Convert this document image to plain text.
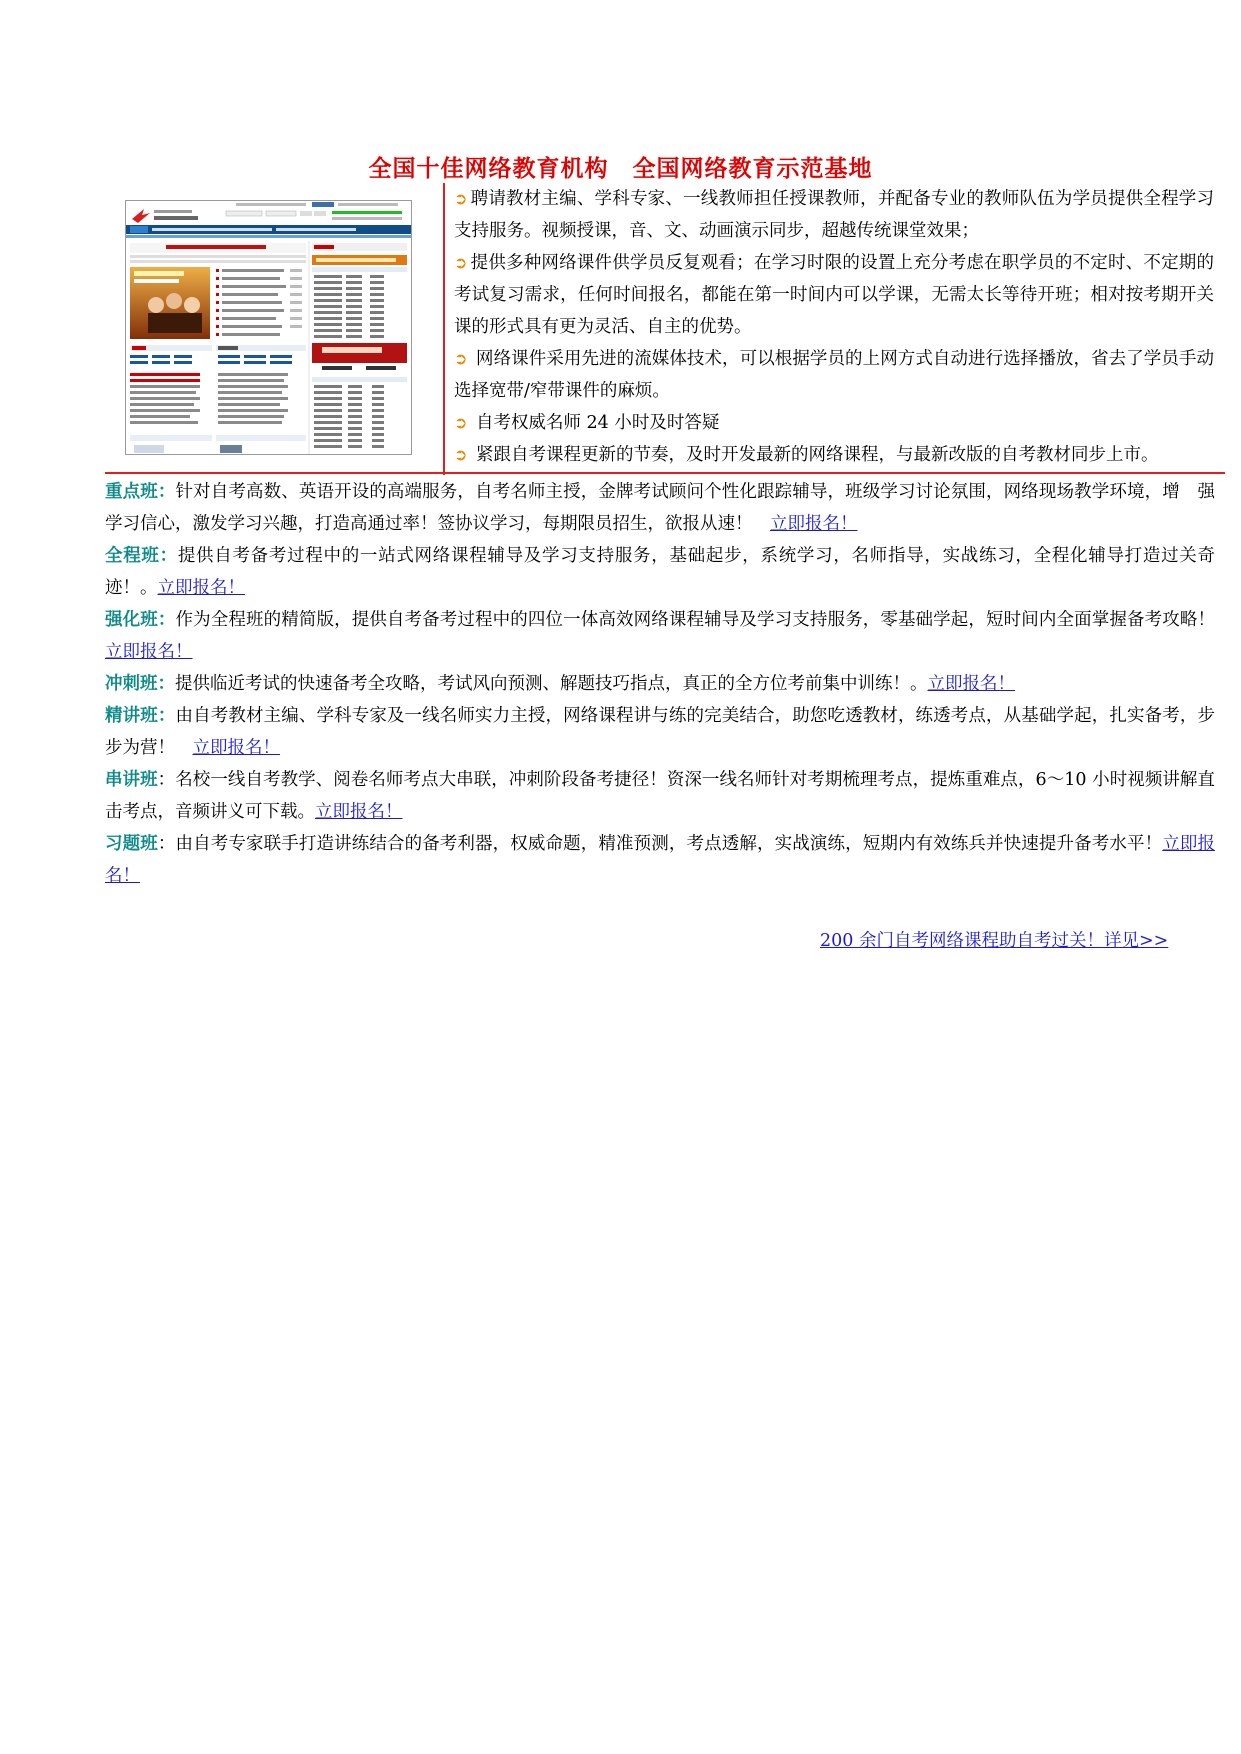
全国十佳网络教育机构　全国网络教育示范基地

➲ 聘请教材主编、学科专家、一线教师担任授课教师，并配备专业的教师队伍为学员提供全程学习支持服务。视频授课，音、文、动画演示同步，超越传统课堂效果；

➲ 提供多种网络课件供学员反复观看；在学习时限的设置上充分考虑在职学员的不定时、不定期的考试复习需求，任何时间报名，都能在第一时间内可以学课，无需太长等待开班；相对按考期开关课的形式具有更为灵活、自主的优势。

➲ 网络课件采用先进的流媒体技术，可以根据学员的上网方式自动进行选择播放，省去了学员手动选择宽带/窄带课件的麻烦。

➲ 自考权威名师 24 小时及时答疑

➲ 紧跟自考课程更新的节奏，及时开发最新的网络课程，与最新改版的自考教材同步上市。

重点班：针对自考高数、英语开设的高端服务，自考名师主授，金牌考试顾问个性化跟踪辅导，班级学习讨论氛围，网络现场教学环境，增　强学习信心，激发学习兴趣，打造高通过率！签协议学习，每期限员招生，欲报从速！　立即报名！

全程班：提供自考备考过程中的一站式网络课程辅导及学习支持服务，基础起步，系统学习，名师指导，实战练习，全程化辅导打造过关奇迹！。立即报名！

强化班：作为全程班的精简版，提供自考备考过程中的四位一体高效网络课程辅导及学习支持服务，零基础学起，短时间内全面掌握备考攻略！　立即报名！

冲刺班：提供临近考试的快速备考全攻略，考试风向预测、解题技巧指点，真正的全方位考前集中训练！。立即报名！

精讲班：由自考教材主编、学科专家及一线名师实力主授，网络课程讲与练的完美结合，助您吃透教材，练透考点，从基础学起，扎实备考，步步为营！　立即报名！

串讲班：名校一线自考教学、阅卷名师考点大串联，冲刺阶段备考捷径！资深一线名师针对考期梳理考点，提炼重难点，6～10 小时视频讲解直击考点，音频讲义可下载。立即报名！

习题班：由自考专家联手打造讲练结合的备考利器，权威命题，精准预测，考点透解，实战演练，短期内有效练兵并快速提升备考水平！立即报名！

200 余门自考网络课程助自考过关！详见>>
